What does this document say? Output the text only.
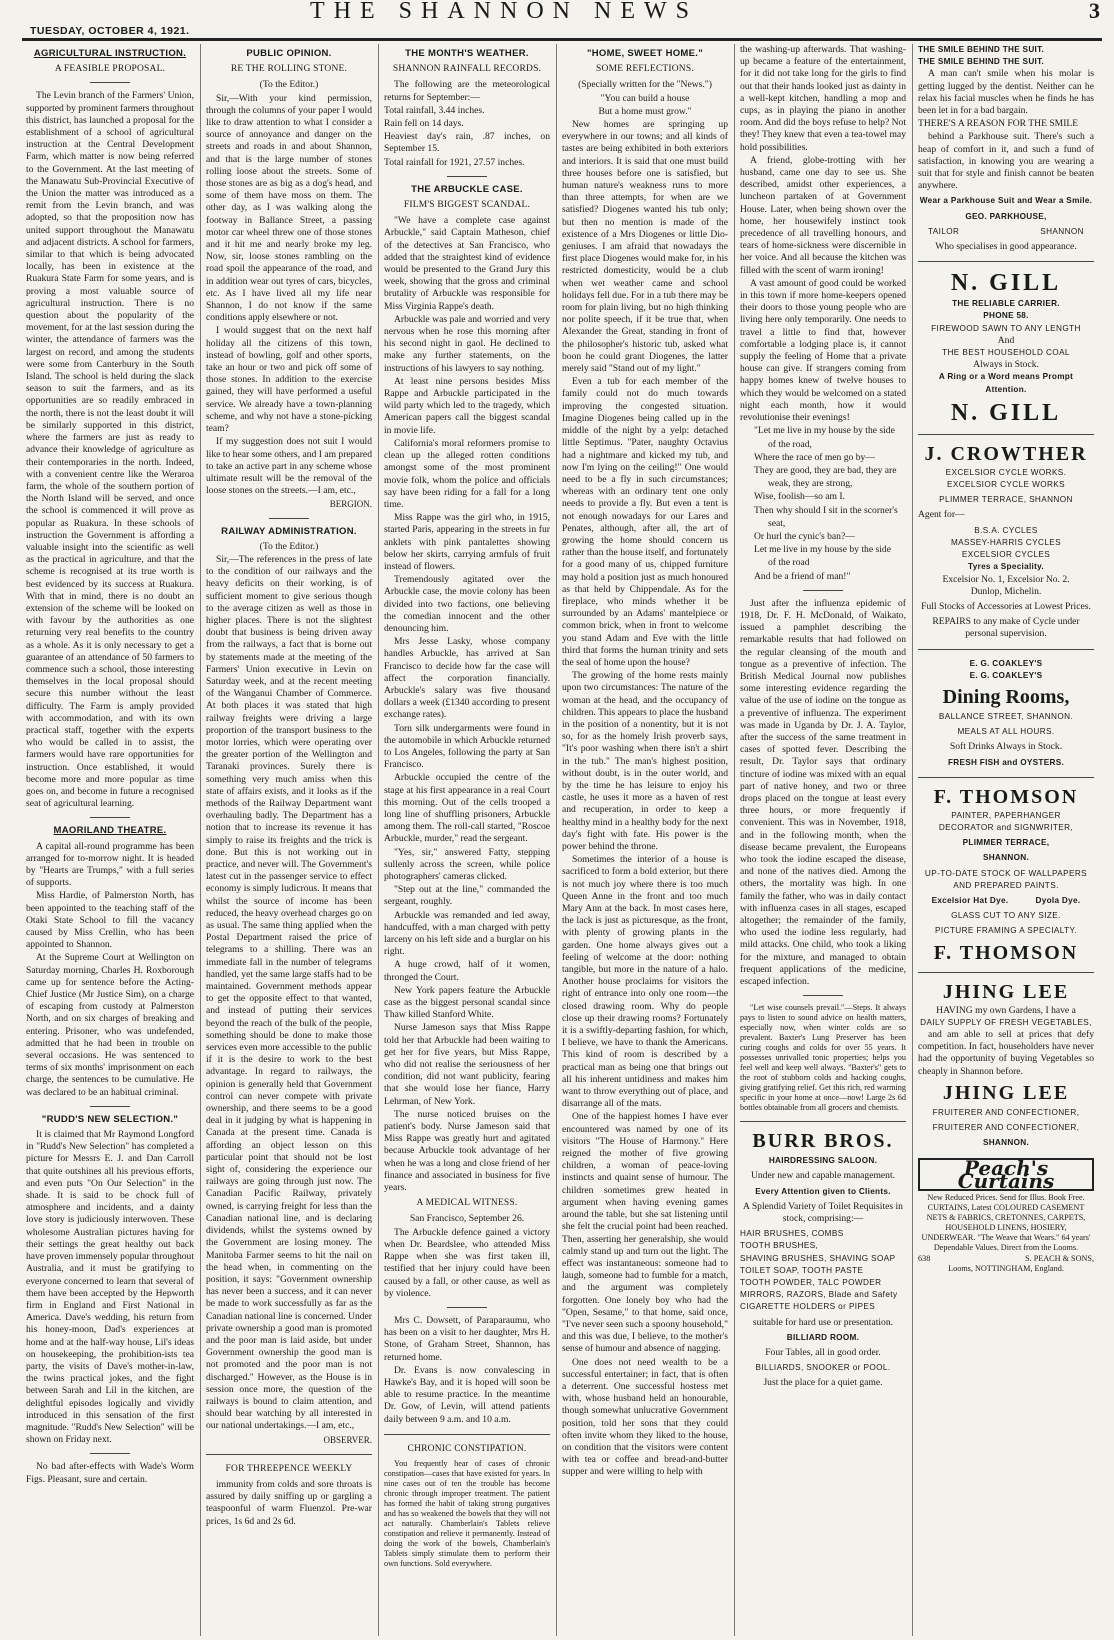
THE SHANNON NEWS	3
TUESDAY, OCTOBER 4, 1921.
AGRICULTURAL INSTRUCTION.
A FEASIBLE PROPOSAL.

The Levin branch of the Farmers' Union, supported by prominent farmers throughout this district, has launched a proposal for the establishment of a school of agricultural instruction at the Central Development Farm, which matter is now being referred to the Government. At the last meeting of the Manawatu Sub-Provincial Executive of the Union the matter was introduced as a remit from the Levin branch, and was adopted, so that the proposition now has united support throughout the Manawatu and adjacent districts. A school for farmers, similar to that which is being advocated locally, has been in existence at the Ruakura State Farm for some years, and is proving a most valuable source of agricultural instruction. There is no question about the popularity of the movement, for at the last session during the winter, the attendance of farmers was the largest on record, and among the students were some from Canterbury in the South Island. The school is held during the slack season to suit the farmers, and as its opportunities are so readily embraced in the north, there is not the least doubt it will be similarly supported in this district, where the farmers are just as ready to advance their knowledge of agriculture as their contemporaries in the north. Indeed, with a convenient centre like the Weraroa farm, the whole of the southern portion of the North Island will be served, and once the school is commenced it will prove as popular as Ruakura. In these schools of instruction the Government is affording a valuable insight into the scientific as well as the practical in agriculture, and that the scheme is recognised at its true worth is best evidenced by its success at Ruakura. With that in mind, there is no doubt an extension of the scheme will be looked on with favour by the authorities as one returning very real benefits to the country as a whole. As it is only necessary to get a guarantee of an attendance of 50 farmers to commence such a school, those interesting themselves in the local proposal should secure this number without the least difficulty. The Farm is amply provided with accommodation, and with its own practical staff, together with the experts who would be called in to assist, the farmers would have rare opportunities for instruction. Once established, it would become more and more popular as time goes on, and become in future a recognised seat of agricultural learning.

MAORILAND THEATRE.

A capital all-round programme has been arranged for to-morrow night. It is headed by "Hearts are Trumps," with a full series of supports.

Miss Hardie, of Palmerston North, has been appointed to the teaching staff of the Otaki State School to fill the vacancy caused by Miss Crellin, who has been appointed to Shannon.

At the Supreme Court at Wellington on Saturday morning, Charles H. Roxborough came up for sentence before the Acting-Chief Justice (Mr Justice Sim), on a charge of escaping from custody at Palmerston North, and on six charges of breaking and entering. Prisoner, who was undefended, admitted that he had been in trouble on several occasions. He was sentenced to terms of six months' imprisonment on each charge, the sentences to be cumulative. He was declared to be an habitual criminal.

"RUDD'S NEW SELECTION."

It is claimed that Mr Raymond Longford in "Rudd's New Selection" has completed a picture for Messrs E. J. and Dan Carroll that quite outshines all his previous efforts, and even puts "On Our Selection" in the shade. It is said to be chock full of atmosphere and incidents, and a dainty love story is judiciously interwoven. These wholesome Australian pictures having for their settings the great healthy out back have proven immensely popular throughout Australia, and it must be gratifying to everyone concerned to learn that several of them have been accepted by the Hepworth firm in England and First National in America. Dave's wedding, his return from his honey-moon, Dad's experiences at home and at the half-way house, Lil's ideas on housekeeping, the prohibition-ists tea party, the visits of Dave's mother-in-law, the twins practical jokes, and the fight between Sarah and Lil in the kitchen, are delightful episodes logically and vividly introduced in this sensation of the first magnitude. "Rudd's New Selection" will be shown on Friday next.

No bad after-effects with Wade's Worm Figs. Pleasant, sure and certain.

PUBLIC OPINION.
RE THE ROLLING STONE.

(To the Editor.)

Sir,—With your kind permission, through the columns of your paper I would like to draw attention to what I consider a source of annoyance and danger on the streets and roads in and about Shannon, and that is the large number of stones rolling loose about the streets. Some of those stones are as big as a dog's head, and some of them have moss on them. The other day, as I was walking along the footway in Ballance Street, a passing motor car wheel threw one of those stones and it hit me and nearly broke my leg. Now, sir, loose stones rambling on the road spoil the appearance of the road, and in addition wear out tyres of cars, bicycles, etc. As I have lived all my life near Shannon, I do not know if the same conditions apply elsewhere or not.

I would suggest that on the next half holiday all the citizens of this town, instead of bowling, golf and other sports, take an hour or two and pick off some of those stones. In addition to the exercise gained, they will have performed a useful service. We already have a town-planning scheme, and why not have a stone-picking team?

If my suggestion does not suit I would like to hear some others, and I am prepared to take an active part in any scheme whose ultimate result will be the removal of the loose stones on the streets.—I am, etc.,

BERGION.

RAILWAY ADMINISTRATION.

(To the Editor.)

Sir,—The references in the press of late to the condition of our railways and the heavy deficits on their working, is of sufficient moment to give serious though to the average citizen as well as those in higher places. There is not the slightest doubt that business is being driven away from the railways, a fact that is borne out by statements made at the meeting of the Farmers' Union executive in Levin on Saturday week, and at the recent meeting of the Wanganui Chamber of Commerce. At both places it was stated that high railway freights were driving a large proportion of the transport business to the motor lorries, which were operating over the greater portion of the Wellington and Taranaki provinces. Surely there is something very much amiss when this state of affairs exists, and it looks as if the methods of the Railway Department want overhauling badly. The Department has a notion that to increase its revenue it has simply to raise its freights and the trick is done. But this is not working out in practice, and never will. The Government's latest cut in the passenger service to effect economy is simply ludicrous. It means that whilst the source of income has been reduced, the heavy overhead charges go on as usual. The same thing applied when the Postal Department raised the price of telegrams to a shilling. There was an immediate fall in the number of telegrams handled, yet the same large staffs had to be maintained. Government methods appear to get the opposite effect to that wanted, and instead of putting their services beyond the reach of the bulk of the people, something should be done to make those services even more accessible to the public if it is the desire to work to the best advantage. In regard to railways, the opinion is generally held that Government control can never compete with private ownership, and there seems to be a good deal in it judging by what is happening in Canada at the present time. Canada is affording an object lesson on this particular point that should not be lost sight of, considering the experience our railways are going through just now. The Canadian Pacific Railway, privately owned, is carrying freight for less than the Canadian national line, and is declaring dividends, whilst the systems owned by the Government are losing money. The Manitoba Farmer seems to hit the nail on the head when, in commenting on the position, it says: "Government ownership has never been a success, and it can never be made to work successfully as far as the Canadian national line is concerned. Under private ownership a good man is promoted and the poor man is laid aside, but under Government ownership the good man is not promoted and the poor man is not discharged." However, as the House is in session once more, the question of the railways is bound to claim attention, and should bear watching by all interested in our national undertakings.—I am, etc.,

OBSERVER.

FOR THREEPENCE WEEKLY

immunity from colds and sore throats is assured by daily sniffing up or gargling a teaspoonful of warm Fluenzol. Pre-war prices, 1s 6d and 2s 6d.

THE MONTH'S WEATHER.
SHANNON RAINFALL RECORDS.

The following are the meteorological returns for September:—

Total rainfall, 3.44 inches.

Rain fell on 14 days.

Heaviest day's rain, .87 inches, on September 15.

Total rainfall for 1921, 27.57 inches.

THE ARBUCKLE CASE.
FILM'S BIGGEST SCANDAL.

"We have a complete case against Arbuckle," said Captain Matheson, chief of the detectives at San Francisco, who added that the straightest kind of evidence would be presented to the Grand Jury this week, showing that the gross and criminal brutality of Arbuckle was responsible for Miss Virginia Rappe's death.

Arbuckle was pale and worried and very nervous when he rose this morning after his second night in gaol. He declined to make any further statements, on the instructions of his lawyers to say nothing.

At least nine persons besides Miss Rappe and Arbuckle participated in the wild party which led to the tragedy, which American papers call the biggest scandal in movie life.

California's moral reformers promise to clean up the alleged rotten conditions amongst some of the most prominent movie folk, whom the police and officials say have been riding for a fall for a long time.

Miss Rappe was the girl who, in 1915, started Paris, appearing in the streets in fur anklets with pink pantalettes showing below her skirts, carrying armfuls of fruit instead of flowers.

Tremendously agitated over the Arbuckle case, the movie colony has been divided into two factions, one believing the comedian innocent and the other denouncing him.

Mrs Jesse Lasky, whose company handles Arbuckle, has arrived at San Francisco to decide how far the case will affect the corporation financially. Arbuckle's salary was five thousand dollars a week (£1340 according to present exchange rates).

Torn silk undergarments were found in the automobile in which Arbuckle returned to Los Angeles, following the party at San Francisco.

Arbuckle occupied the centre of the stage at his first appearance in a real Court this morning. Out of the cells trooped a long line of shuffling prisoners, Arbuckle among them. The roll-call started, "Roscoe Arbuckle, murder," read the sergeant.

"Yes, sir," answered Fatty, stepping sullenly across the screen, while police photographers' cameras clicked.

"Step out at the line," commanded the sergeant, roughly.

Arbuckle was remanded and led away, handcuffed, with a man charged with petty larceny on his left side and a burglar on his right.

A huge crowd, half of it women, thronged the Court.

New York papers feature the Arbuckle case as the biggest personal scandal since Thaw killed Stanford White.

Nurse Jameson says that Miss Rappe told her that Arbuckle had been waiting to get her for five years, but Miss Rappe, who did not realise the seriousness of her condition, did not want publicity, fearing that she would lose her fiance, Harry Lehrman, of New York.

The nurse noticed bruises on the patient's body. Nurse Jameson said that Miss Rappe was greatly hurt and agitated because Arbuckle took advantage of her when he was a long and close friend of her finance and associated in business for five years.

A MEDICAL WITNESS.

San Francisco, September 26.

The Arbuckle defence gained a victory when Dr. Beardslee, who attended Miss Rappe when she was first taken ill, testified that her injury could have been caused by a fall, or other cause, as well as by violence.

Mrs C. Dowsett, of Paraparaumu, who has been on a visit to her daughter, Mrs H. Stone, of Graham Street, Shannon, has returned home.

Dr. Evans is now convalescing in Hawke's Bay, and it is hoped will soon be able to resume practice. In the meantime Dr. Gow, of Levin, will attend patients daily between 9 a.m. and 10 a.m.

CHRONIC CONSTIPATION.

You frequently hear of cases of chronic constipation—cases that have existed for years. In nine cases out of ten the trouble has become chronic through improper treatment. The patient has formed the habit of taking strong purgatives and has so weakened the bowels that they will not act naturally. Chamberlain's Tablets relieve constipation and relieve it permanently. Instead of doing the work of the bowels, Chamberlain's Tablets simply stimulate them to perform their own functions. Sold everywhere.

"HOME, SWEET HOME."
SOME REFLECTIONS.

(Specially written for the "News.")

"You can build a house

But a home must grow."

New homes are springing up everywhere in our towns; and all kinds of tastes are being exhibited in both exteriors and interiors. It is said that one must build three houses before one is satisfied, but human nature's weakness runs to more than three attempts, for when are we satisfied? Diogenes wanted his tub only; but then no mention is made of the existence of a Mrs Diogenes or little Dio-geniuses. I am afraid that nowadays the first place Diogenes would make for, in his restricted domesticity, would be a club when wet weather came and school holidays fell due. For in a tub there may be room for plain living, but no high thinking nor polite speech, if it be true that, when Alexander the Great, standing in front of the philosopher's historic tub, asked what boon he could grant Diogenes, the latter merely said "Stand out of my light."

Even a tub for each member of the family could not do much towards improving the congested situation. Imagine Diogenes being called up in the middle of the night by a yelp: detached little Septimus. "Pater, naughty Octavius had a nightmare and kicked my tub, and now I'm lying on the ceiling!" One would need to be a fly in such circumstances; whereas with an ordinary tent one only needs to provide a fly. But even a tent is not enough nowadays for our Lares and Penates, although, after all, the art of growing the home should concern us rather than the house itself, and fortunately for a good many of us, chipped furniture may hold a position just as much honoured as that held by Chippendale. As for the fireplace, who minds whether it be surrounded by an Adams' mantelpiece or common brick, when in front to welcome you stand Adam and Eve with the little third that forms the human trinity and sets the seal of home upon the house?

The growing of the home rests mainly upon two circumstances: The nature of the woman at the head, and the occupancy of children. This appears to place the husband in the position of a nonentity, but it is not so, for as the homely Irish proverb says, "It's poor washing when there isn't a shirt in the tub." The man's highest position, without doubt, is in the outer world, and by the time he has leisure to enjoy his castle, he uses it more as a haven of rest and recuperation, in order to keep a healthy mind in a healthy body for the next day's fight with fate. His power is the power behind the throne.

Sometimes the interior of a house is sacrificed to form a bold exterior, but there is not much joy where there is too much Queen Anne in the front and too much Mary Ann at the back. In most cases here, the lack is just as picturesque, as the front, with plenty of growing plants in the garden. One home always gives out a feeling of welcome at the door: nothing tangible, but more in the nature of a halo. Another house proclaims for visitors the right of entrance into only one room—the closed drawing room. Why do people close up their drawing rooms? Fortunately it is a swiftly-departing fashion, for which, I believe, we have to thank the Americans. This kind of room is described by a practical man as being one that brings out all his inherent untidiness and makes him want to throw everything out of place, and disarrange all of the mats.

One of the happiest homes I have ever encountered was named by one of its visitors "The House of Harmony." Here reigned the mother of five growing children, a woman of peace-loving instincts and quaint sense of humour. The children sometimes grew heated in argument when having evening games around the table, but she sat listening until she felt the crucial point had been reached. Then, asserting her generalship, she would calmly stand up and turn out the light. The effect was instantaneous: someone had to laugh, someone had to fumble for a match, and the argument was completely forgotten. One lonely boy who had the "Open, Sesame," to that home, said once, "I've never seen such a spoony household," and this was due, I believe, to the mother's sense of humour and absence of nagging.

One does not need wealth to be a successful entertainer; in fact, that is often a deterrent. One successful hostess met with, whose husband held an honourable, though somewhat unlucrative Government position, told her sons that they could often invite whom they liked to the house, on condition that the visitors were content with tea or coffee and bread-and-butter supper and were willing to help with

the washing-up afterwards. That washing-up became a feature of the entertainment, for it did not take long for the girls to find out that their hands looked just as dainty in a well-kept kitchen, handling a mop and cups, as in playing the piano in another room. And did the boys refuse to help? Not they! They knew that even a tea-towel may hold possibilities.

A friend, globe-trotting with her husband, came one day to see us. She described, amidst other experiences, a luncheon partaken of at Government House. Later, when being shown over the home, her housewifely instinct took precedence of all travelling honours, and tears of home-sickness were discernible in her voice. And all because the kitchen was filled with the scent of warm ironing!

A vast amount of good could be worked in this town if more home-keepers opened their doors to those young people who are living here only temporarily. One needs to travel a little to find that, however comfortable a lodging place is, it cannot supply the feeling of Home that a private house can give. If strangers coming from happy homes knew of twelve houses to which they would be welcomed on a stated night each month, how it would revolutionise their evenings!

"Let me live in my house by the side

of the road,

Where the race of men go by—

They are good, they are bad, they are

weak, they are strong,

Wise, foolish—so am I.

Then why should I sit in the scorner's

seat,

Or hurl the cynic's ban?—

Let me live in my house by the side

of the road

And be a friend of man!"

Just after the influenza epidemic of 1918, Dr. F. H. McDonald, of Waikato, issued a pamphlet describing the remarkable results that had followed on the regular cleansing of the mouth and tongue as a preventive of infection. The British Medical Journal now publishes some interesting evidence regarding the value of the use of iodine on the tongue as a preventive of influenza. The experiment was made in Uganda by Dr. J. A. Taylor, after the success of the same treatment in cases of spotted fever. Describing the result, Dr. Taylor says that ordinary tincture of iodine was mixed with an equal part of native honey, and two or three drops placed on the tongue at least every three hours, or more frequently if convenient. This was in November, 1918, and in the following month, when the disease became prevalent, the Europeans who took the iodine escaped the disease, and none of the natives died. Among the others, the mortality was high. In one family the father, who was in daily contact with influenza cases in all stages, escaped altogether; the remainder of the family, who used the iodine less regularly, had mild attacks. One child, who took a liking for the mixture, and managed to obtain frequent applications of the medicine, escaped infection.

"Let wise counsels prevail."—Steps. It always pays to listen to sound advice on health matters, especially now, when winter colds are so prevalent. Baxter's Lung Preserver has been curing coughs and colds for over 55 years. It possesses unrivalled tonic properties; helps you feel well and keep well always. "Baxter's" gets to the root of stubborn colds and hacking coughs, giving gratifying relief. Get this rich, red warming specific in your home at once—now! Large 2s 6d bottles obtainable from all grocers and chemists.

BURR BROS.
HAIRDRESSING SALOON.
Under new and capable management.
Every Attention given to Clients.
A Splendid Variety of Toilet Requisites in stock, comprising:—
HAIR BRUSHES, COMBS
TOOTH BRUSHES,
SHAVING BRUSHES, SHAVING SOAP
TOILET SOAP, TOOTH PASTE
TOOTH POWDER, TALC POWDER
MIRRORS, RAZORS, Blade and Safety
CIGARETTE HOLDERS or PIPES
suitable for hard use or presentation.
BILLIARD ROOM.
Four Tables, all in good order.
BILLIARDS, SNOOKER or POOL.
Just the place for a quiet game.
THE SMILE BEHIND THE SUIT.
THE SMILE BEHIND THE SUIT.

A man can't smile when his molar is getting lugged by the dentist. Neither can he relax his facial muscles when he finds he has been let in for a bad bargain.

THERE'S A REASON FOR THE SMILE

behind a Parkhouse suit. There's such a heap of comfort in it, and such a fund of satisfaction, in knowing you are wearing a suit that for style and finish cannot be beaten anywhere.

Wear a Parkhouse Suit and Wear a Smile.
GEO. PARKHOUSE,
TAILOR	SHANNON
Who specialises in good appearance.
N. GILL
THE RELIABLE CARRIER.
PHONE 58.
FIREWOOD SAWN TO ANY LENGTH
And
THE BEST HOUSEHOLD COAL
Always in Stock.
A Ring or a Word means Prompt Attention.
N. GILL
J. CROWTHER
EXCELSIOR CYCLE WORKS.
EXCELSIOR CYCLE WORKS
PLIMMER TERRACE, SHANNON
Agent for—
B.S.A. CYCLES
MASSEY-HARRIS CYCLES
EXCELSIOR CYCLES
Tyres a Speciality.
Excelsior No. 1, Excelsior No. 2.
Dunlop, Michelin.
Full Stocks of Accessories at Lowest Prices.
REPAIRS to any make of Cycle under personal supervision.
E. G. COAKLEY'S
E. G. COAKLEY'S
Dining Rooms,
BALLANCE STREET, SHANNON.
MEALS AT ALL HOURS.
Soft Drinks Always in Stock.
FRESH FISH and OYSTERS.
F. THOMSON
PAINTER, PAPERHANGER
DECORATOR and SIGNWRITER,
PLIMMER TERRACE,
SHANNON.
UP-TO-DATE STOCK OF WALLPAPERS AND PREPARED PAINTS.
Excelsior Hat Dye.	Dyola Dye.
GLASS CUT TO ANY SIZE.
PICTURE FRAMING A SPECIALTY.
F. THOMSON
JHING LEE
HAVING my own Gardens, I have a
DAILY SUPPLY OF FRESH VEGETABLES,

and am able to sell at prices that defy competition. In fact, householders have never had the opportunity of buying Vegetables so cheaply in Shannon before.

JHING LEE
FRUITERER AND CONFECTIONER,
FRUITERER AND CONFECTIONER,
SHANNON.
Peach's Curtains

New Reduced Prices. Send for Illus. Book Free. CURTAINS, Latest COLOURED CASEMENT NETS & FABRICS, CRETONNES, CARPETS, HOUSEHOLD LINENS, HOSIERY, UNDERWEAR. "The Weave that Wears." 64 years' Dependable Values. Direct from the Looms.

638	S. PEACH & SONS,
Looms, NOTTINGHAM, England.
